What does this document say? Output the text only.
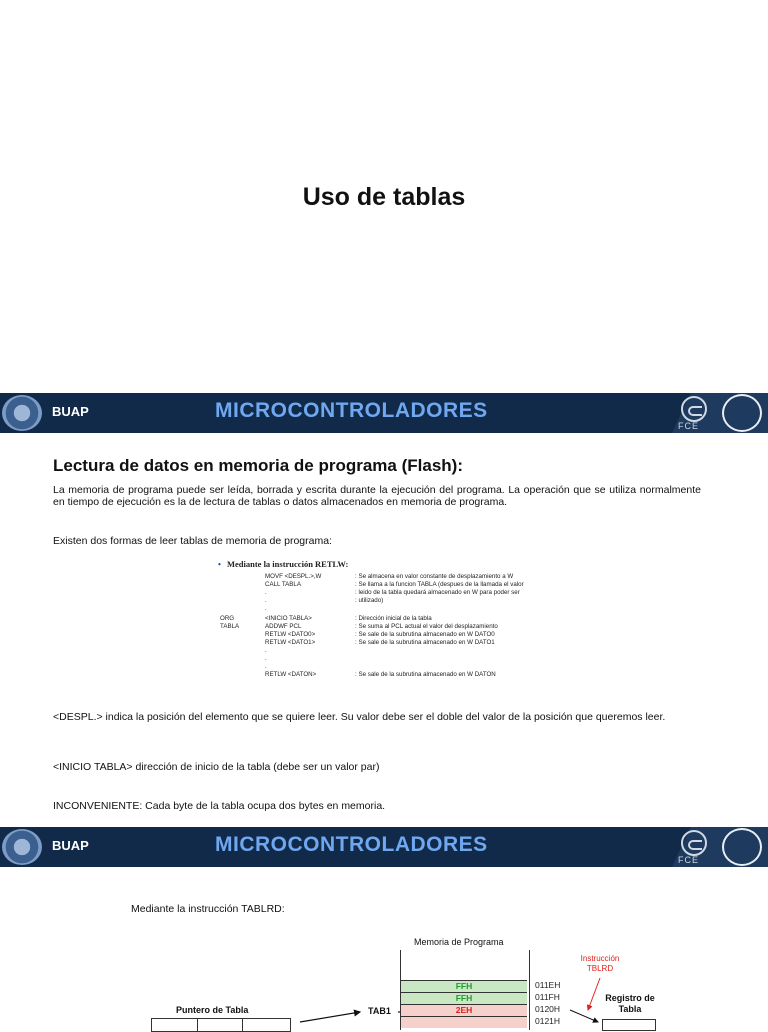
Uso de tablas
BUAP	MICROCONTROLADORES
FCE
Lectura de datos en memoria de programa (Flash):
La memoria de programa puede ser leída, borrada y escrita durante la ejecución del programa. La operación que se utiliza normalmente en tiempo de ejecución es la de lectura de tablas o datos almacenados en memoria de programa.
Existen dos formas de leer tablas de memoria de programa:
• Mediante la instrucción RETLW:
MOVF <DESPL.>,W	: Se almacena en valor constante de desplazamiento a W
CALL TABLA	: Se llama a la funcion TABLA (despues de la llamada el valor
.	: leido de la tabla quedará almacenado en W para poder ser
.	: utilizado)
.
ORG	<INICIO TABLA>	: Dirección inicial de la tabla
TABLA	ADDWF PCL	: Se suma al PCL actual el valor del desplazamiento
RETLW <DATO0>	: Se sale de la subrutina almacenado en W DATO0
RETLW <DATO1>	: Se sale de la subrutina almacenado en W DATO1
.
.
.
RETLW <DATON>	: Se sale de la subrutina almacenado en W DATON
<DESPL.> indica la posición del elemento que se quiere leer. Su valor debe ser el doble del valor de la posición que queremos leer.
<INICIO TABLA> dirección de inicio de la tabla (debe ser un valor par)
INCONVENIENTE: Cada byte de la tabla ocupa dos bytes en memoria.
BUAP	MICROCONTROLADORES
FCE
Mediante la instrucción TABLRD:
Memoria de Programa
FFH
FFH
2EH
011EH
011FH
0120H
0121H
Instrucción TBLRD
Registro de Tabla
Puntero de Tabla	TAB1
